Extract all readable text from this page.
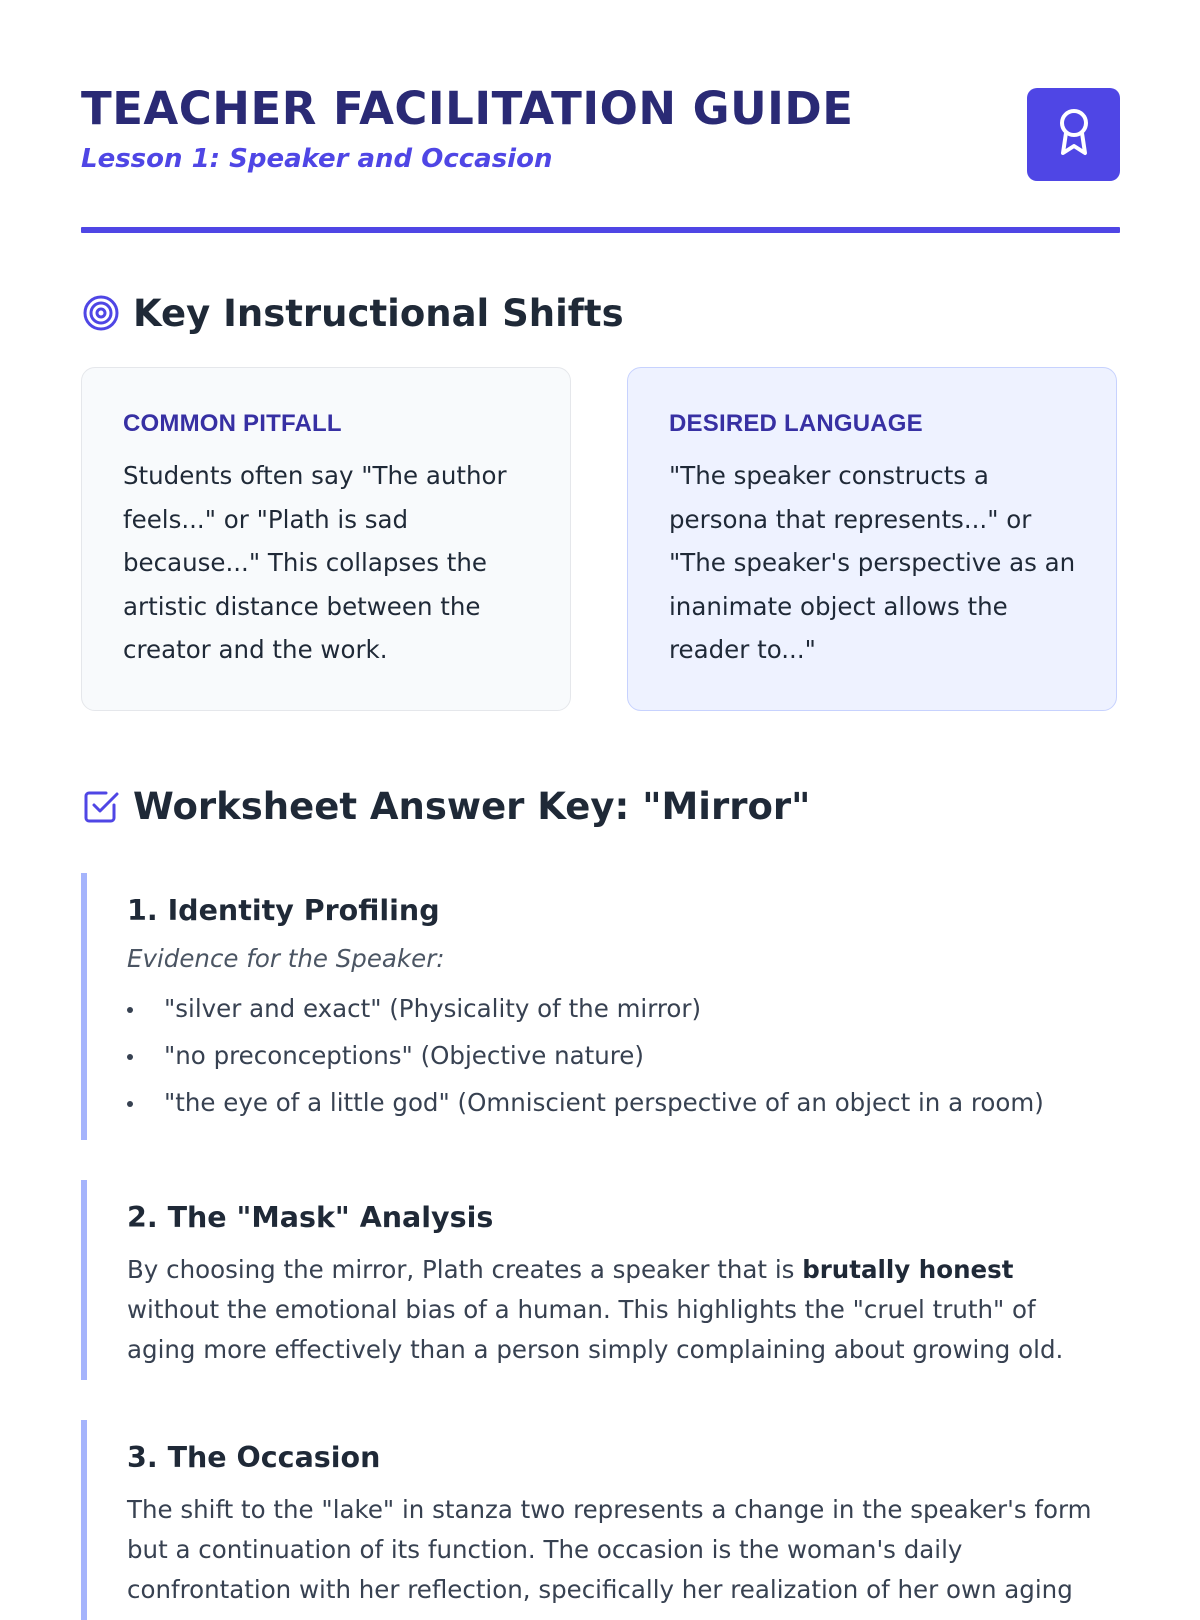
TEACHER FACILITATION GUIDE

Lesson 1: Speaker and Occasion

Key Instructional Shifts

COMMON PITFALL

Students often say "The author feels..." or "Plath is sad because..." This collapses the artistic distance between the creator and the work.

DESIRED LANGUAGE

"The speaker constructs a persona that represents..." or "The speaker's perspective as an inanimate object allows the reader to..."

Worksheet Answer Key: "Mirror"
1. Identity Profiling

Evidence for the Speaker:

"silver and exact" (Physicality of the mirror)
"no preconceptions" (Objective nature)
"the eye of a little god" (Omniscient perspective of an object in a room)
2. The "Mask" Analysis

By choosing the mirror, Plath creates a speaker that is brutally honest without the emotional bias of a human. This highlights the "cruel truth" of aging more effectively than a person simply complaining about growing old.

3. The Occasion

The shift to the "lake" in stanza two represents a change in the speaker's form but a continuation of its function. The occasion is the woman's daily confrontation with her reflection, specifically her realization of her own aging
